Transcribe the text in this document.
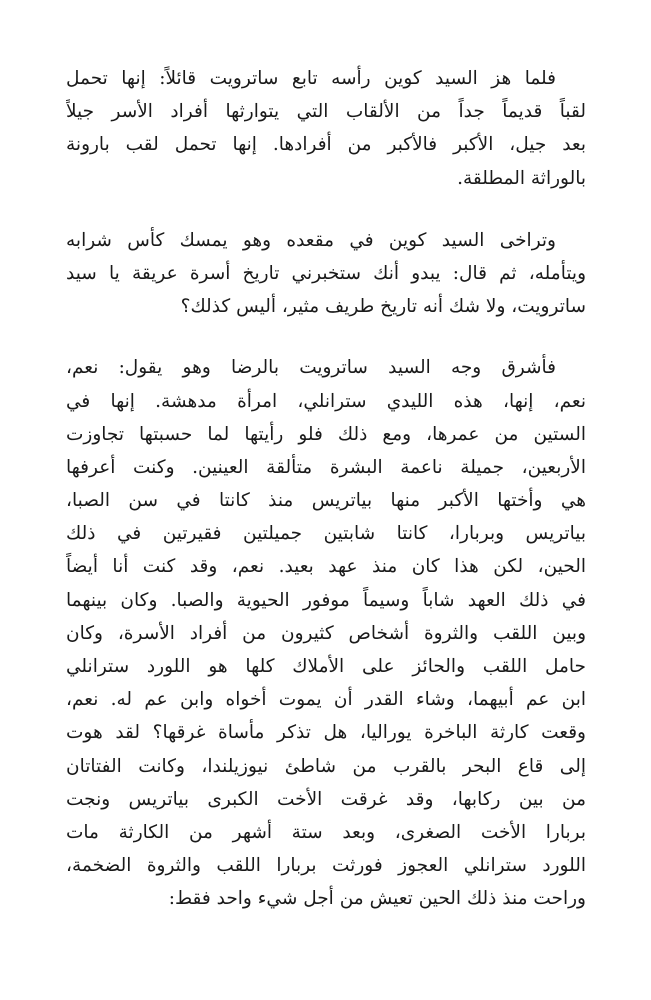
فلما هز السيد كوين رأسه تابع ساترويت قائلاً: إنها تحمل
لقباً قديماً جداً من الألقاب التي يتوارثها أفراد الأسر جيلاً
بعد جيل، الأكبر فالأكبر من أفرادها. إنها تحمل لقب بارونة
بالوراثة المطلقة.
وتراخى السيد كوين في مقعده وهو يمسك كأس شرابه
ويتأمله، ثم قال: يبدو أنك ستخبرني تاريخ أسرة عريقة يا سيد
ساترويت، ولا شك أنه تاريخ طريف مثير، أليس كذلك؟
فأشرق وجه السيد ساترويت بالرضا وهو يقول: نعم،
نعم، إنها، هذه الليدي سترانلي، امرأة مدهشة. إنها في
الستين من عمرها، ومع ذلك فلو رأيتها لما حسبتها تجاوزت
الأربعين، جميلة ناعمة البشرة متألقة العينين. وكنت أعرفها
هي وأختها الأكبر منها بياتريس منذ كانتا في سن الصبا،
بياتريس وبربارا، كانتا شابتين جميلتين فقيرتين في ذلك
الحين، لكن هذا كان منذ عهد بعيد. نعم، وقد كنت أنا أيضاً
في ذلك العهد شاباً وسيماً موفور الحيوية والصبا. وكان بينهما
وبين اللقب والثروة أشخاص كثيرون من أفراد الأسرة، وكان
حامل اللقب والحائز على الأملاك كلها هو اللورد سترانلي
ابن عم أبيهما، وشاء القدر أن يموت أخواه وابن عم له. نعم،
وقعت كارثة الباخرة يوراليا، هل تذكر مأساة غرقها؟ لقد هوت
إلى قاع البحر بالقرب من شاطئ نيوزيلندا، وكانت الفتاتان
من بين ركابها، وقد غرقت الأخت الكبرى بياتريس ونجت
بربارا الأخت الصغرى، وبعد ستة أشهر من الكارثة مات
اللورد سترانلي العجوز فورثت بربارا اللقب والثروة الضخمة،
وراحت منذ ذلك الحين تعيش من أجل شيء واحد فقط:
